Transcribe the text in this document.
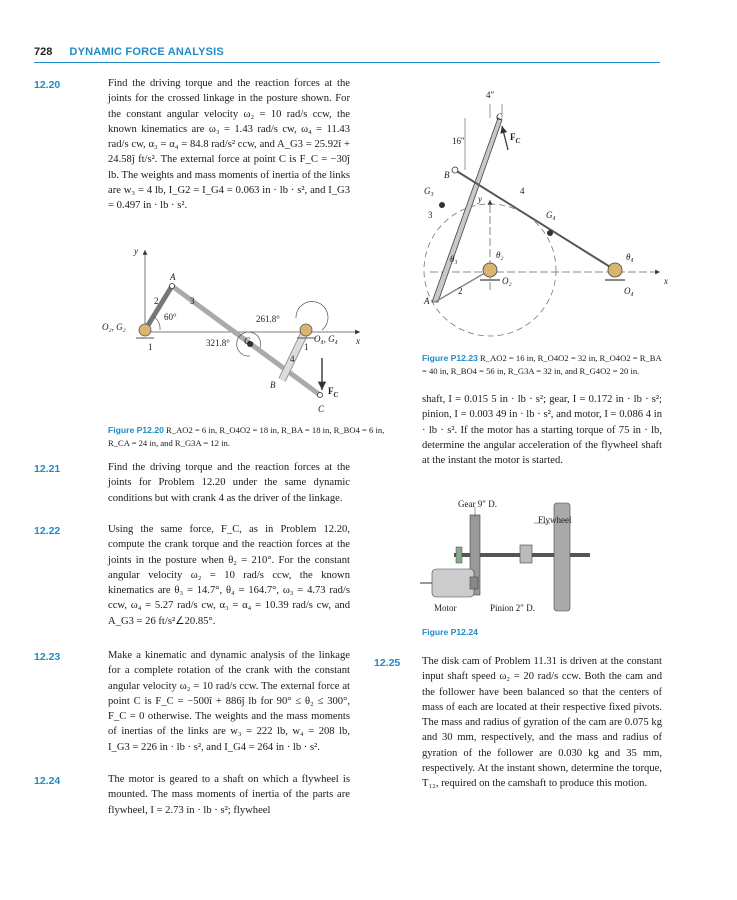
728 DYNAMIC FORCE ANALYSIS
12.20	Find the driving torque and the reaction forces at the joints for the crossed linkage in the posture shown. For the constant angular velocity ω₂ = 10 rad/s ccw, the known kinematics are ω₃ = 1.43 rad/s cw, ω₄ = 11.43 rad/s cw, α₃ = α₄ = 84.8 rad/s² ccw, and A_G3 = 25.92î + 24.58ĵ ft/s². The external force at point C is F_C = −30ĵ lb. The weights and mass moments of inertia of the links are w₃ = 4 lb, I_G2 = I_G4 = 0.063 in · lb · s², and I_G3 = 0.497 in · lb · s².

y
x
A
B
C
O₂, G₂
O₄, G₄
G₃
1	1
2	3
4
60°	261.8°
321.8°
$F_C$

Figure P12.20 R_AO2 = 6 in, R_O4O2 = 18 in, R_BA = 18 in, R_BO4 = 6 in, R_CA = 24 in, and R_G3A = 12 in.

12.21	Find the driving torque and the reaction forces at the joints for Problem 12.20 under the same dynamic conditions but with crank 4 as the driver of the linkage.

12.22	Using the same force, F_C, as in Problem 12.20, compute the crank torque and the reaction forces at the joints in the posture when θ₂ = 210°. For the constant angular velocity ω₂ = 10 rad/s ccw, the known kinematics are θ₃ = 14.7°, θ₄ = 164.7°, ω₃ = 4.73 rad/s ccw, ω₄ = 5.27 rad/s cw, α₃ = α₄ = 10.39 rad/s cw, and A_G3 = 26 ft/s²∠20.85°.

12.23	Make a kinematic and dynamic analysis of the linkage for a complete rotation of the crank with the constant angular velocity ω₂ = 10 rad/s ccw. The external force at point C is F_C = −500î + 886ĵ lb for 90° ≤ θ₂ ≤ 300°, F_C = 0 otherwise. The weights and the mass moments of inertias of the links are w₃ = 222 lb, w₄ = 208 lb, I_G3 = 226 in · lb · s², and I_G4 = 264 in · lb · s².

12.24	The motor is geared to a shaft on which a flywheel is mounted. The mass moments of inertia of the parts are flywheel, I = 2.73 in · lb · s²; flywheel

4″
16″
C
$F_C$
B
G₃
y
3
4
G₄
θ₂
θ₃	θ₄
O₂
O₄
2
A
x

Figure P12.23 R_AO2 = 16 in, R_O4O2 = 32 in, R_O4O2 = R_BA = 40 in, R_BO4 = 56 in, R_G3A = 32 in, and R_G4O2 = 20 in.

shaft, I = 0.015 5 in · lb · s²; gear, I = 0.172 in · lb · s²; pinion, I = 0.003 49 in · lb · s², and motor, I = 0.086 4 in · lb · s². If the motor has a starting torque of 75 in · lb, determine the angular acceleration of the flywheel shaft at the instant the motor is started.

Gear 9″ D.
Flywheel
Motor	Pinion 2″ D.

Figure P12.24

12.25 The disk cam of Problem 11.31 is driven at the constant input shaft speed ω₂ = 20 rad/s ccw. Both the cam and the follower have been balanced so that the centers of mass of each are located at their respective fixed pivots. The mass and radius of gyration of the cam are 0.075 kg and 30 mm, respectively, and the mass and radius of gyration of the follower are 0.030 kg and 35 mm, respectively. At the instant shown, determine the torque, T₁₂, required on the camshaft to produce this motion.
